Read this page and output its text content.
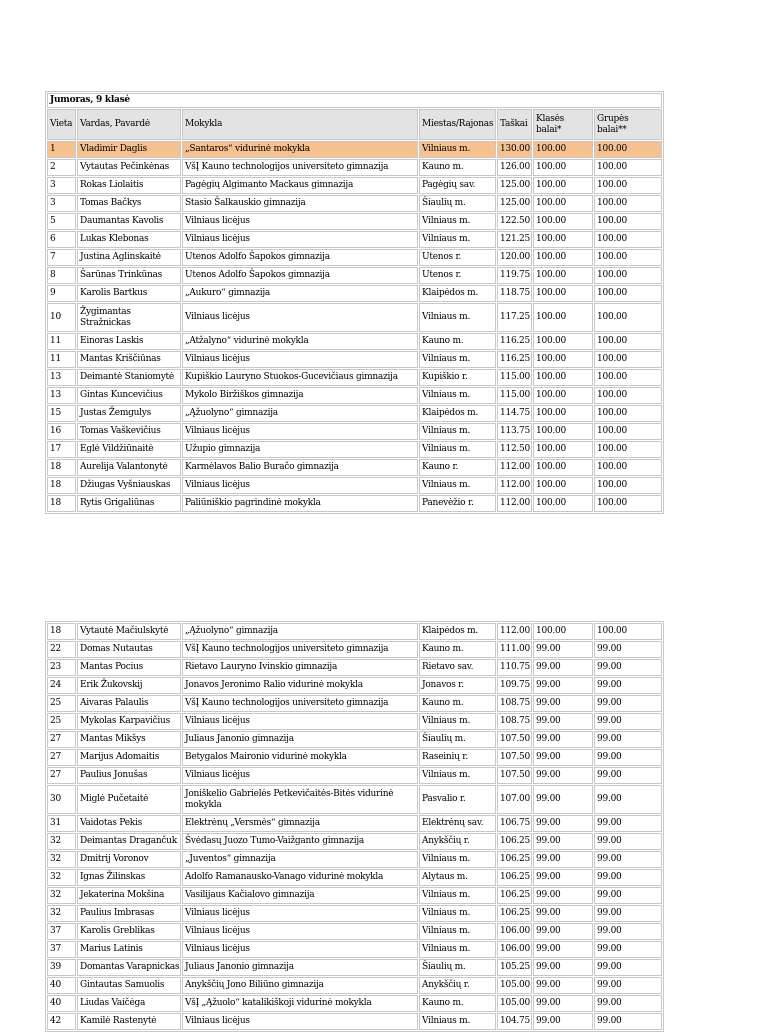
Jumoras, 9 klasė						
Vieta	Vardas, Pavardė	Mokykla	Miestas/Rajonas	Taškai	Klasės balai*	Grupės balai**
1	Vladimir Daglis	„Santaros“ vidurinė mokykla	Vilniaus m.	130.00	100.00	100.00
2	Vytautas Pečinkėnas	VšĮ Kauno technologijos universiteto gimnazija	Kauno m.	126.00	100.00	100.00
3	Rokas Liolaitis	Pagėgių Algimanto Mackaus gimnazija	Pagėgių sav.	125.00	100.00	100.00
3	Tomas Bačkys	Stasio Šalkauskio gimnazija	Šiaulių m.	125.00	100.00	100.00
5	Daumantas Kavolis	Vilniaus licėjus	Vilniaus m.	122.50	100.00	100.00
6	Lukas Klebonas	Vilniaus licėjus	Vilniaus m.	121.25	100.00	100.00
7	Justina Aglinskaitė	Utenos Adolfo Šapokos gimnazija	Utenos r.	120.00	100.00	100.00
8	Šarūnas Trinkūnas	Utenos Adolfo Šapokos gimnazija	Utenos r.	119.75	100.00	100.00
9	Karolis Bartkus	„Aukuro“ gimnazija	Klaipėdos m.	118.75	100.00	100.00
10	Žygimantas Stražnickas	Vilniaus licėjus	Vilniaus m.	117.25	100.00	100.00
11	Einoras Laskis	„Atžalyno“ vidurinė mokykla	Kauno m.	116.25	100.00	100.00
11	Mantas Kriščiūnas	Vilniaus licėjus	Vilniaus m.	116.25	100.00	100.00
13	Deimantė Staniomytė	Kupiškio Lauryno Stuokos-Gucevičiaus gimnazija	Kupiškio r.	115.00	100.00	100.00
13	Gintas Kuncevičius	Mykolo Biržiškos gimnazija	Vilniaus m.	115.00	100.00	100.00
15	Justas Žemgulys	„Ąžuolyno“ gimnazija	Klaipėdos m.	114.75	100.00	100.00
16	Tomas Vaškevičius	Vilniaus licėjus	Vilniaus m.	113.75	100.00	100.00
17	Eglė Vildžiūnaitė	Užupio gimnazija	Vilniaus m.	112.50	100.00	100.00
18	Aurelija Valantonytė	Karmėlavos Balio Buračo gimnazija	Kauno r.	112.00	100.00	100.00
18	Džiugas Vyšniauskas	Vilniaus licėjus	Vilniaus m.	112.00	100.00	100.00
18	Rytis Grigaliūnas	Paliūniškio pagrindinė mokykla	Panevėžio r.	112.00	100.00	100.00
18	Vytautė Mačiulskytė	„Ąžuolyno“ gimnazija	Klaipėdos m.	112.00	100.00	100.00
22	Domas Nutautas	VšĮ Kauno technologijos universiteto gimnazija	Kauno m.	111.00	99.00	99.00
23	Mantas Pocius	Rietavo Lauryno Ivinskio gimnazija	Rietavo sav.	110.75	99.00	99.00
24	Erik Žukovskij	Jonavos Jeronimo Ralio vidurinė mokykla	Jonavos r.	109.75	99.00	99.00
25	Aivaras Palaulis	VšĮ Kauno technologijos universiteto gimnazija	Kauno m.	108.75	99.00	99.00
25	Mykolas Karpavičius	Vilniaus licėjus	Vilniaus m.	108.75	99.00	99.00
27	Mantas Mikšys	Juliaus Janonio gimnazija	Šiaulių m.	107.50	99.00	99.00
27	Marijus Adomaitis	Betygalos Maironio vidurinė mokykla	Raseinių r.	107.50	99.00	99.00
27	Paulius Jonušas	Vilniaus licėjus	Vilniaus m.	107.50	99.00	99.00
30	Miglė Pučetaitė	Joniškelio Gabrielės Petkevičaitės-Bitės vidurinė mokykla	Pasvalio r.	107.00	99.00	99.00
31	Vaidotas Pekis	Elektrėnų „Versmės“ gimnazija	Elektrėnų sav.	106.75	99.00	99.00
32	Deimantas Dragančuk	Švėdasų Juozo Tumo-Vaižganto gimnazija	Anykščių r.	106.25	99.00	99.00
32	Dmitrij Voronov	„Juventos“ gimnazija	Vilniaus m.	106.25	99.00	99.00
32	Ignas Žilinskas	Adolfo Ramanausko-Vanago vidurinė mokykla	Alytaus m.	106.25	99.00	99.00
32	Jekaterina Mokšina	Vasilijaus Kačialovo gimnazija	Vilniaus m.	106.25	99.00	99.00
32	Paulius Imbrasas	Vilniaus licėjus	Vilniaus m.	106.25	99.00	99.00
37	Karolis Greblikas	Vilniaus licėjus	Vilniaus m.	106.00	99.00	99.00
37	Marius Latinis	Vilniaus licėjus	Vilniaus m.	106.00	99.00	99.00
39	Domantas Varapnickas	Juliaus Janonio gimnazija	Šiaulių m.	105.25	99.00	99.00
40	Gintautas Samuolis	Anykščių Jono Biliūno gimnazija	Anykščių r.	105.00	99.00	99.00
40	Liudas Vaičėga	VšĮ „Ąžuolo“ katalikiškoji vidurinė mokykla	Kauno m.	105.00	99.00	99.00
42	Kamilė Rastenytė	Vilniaus licėjus	Vilniaus m.	104.75	99.00	99.00
